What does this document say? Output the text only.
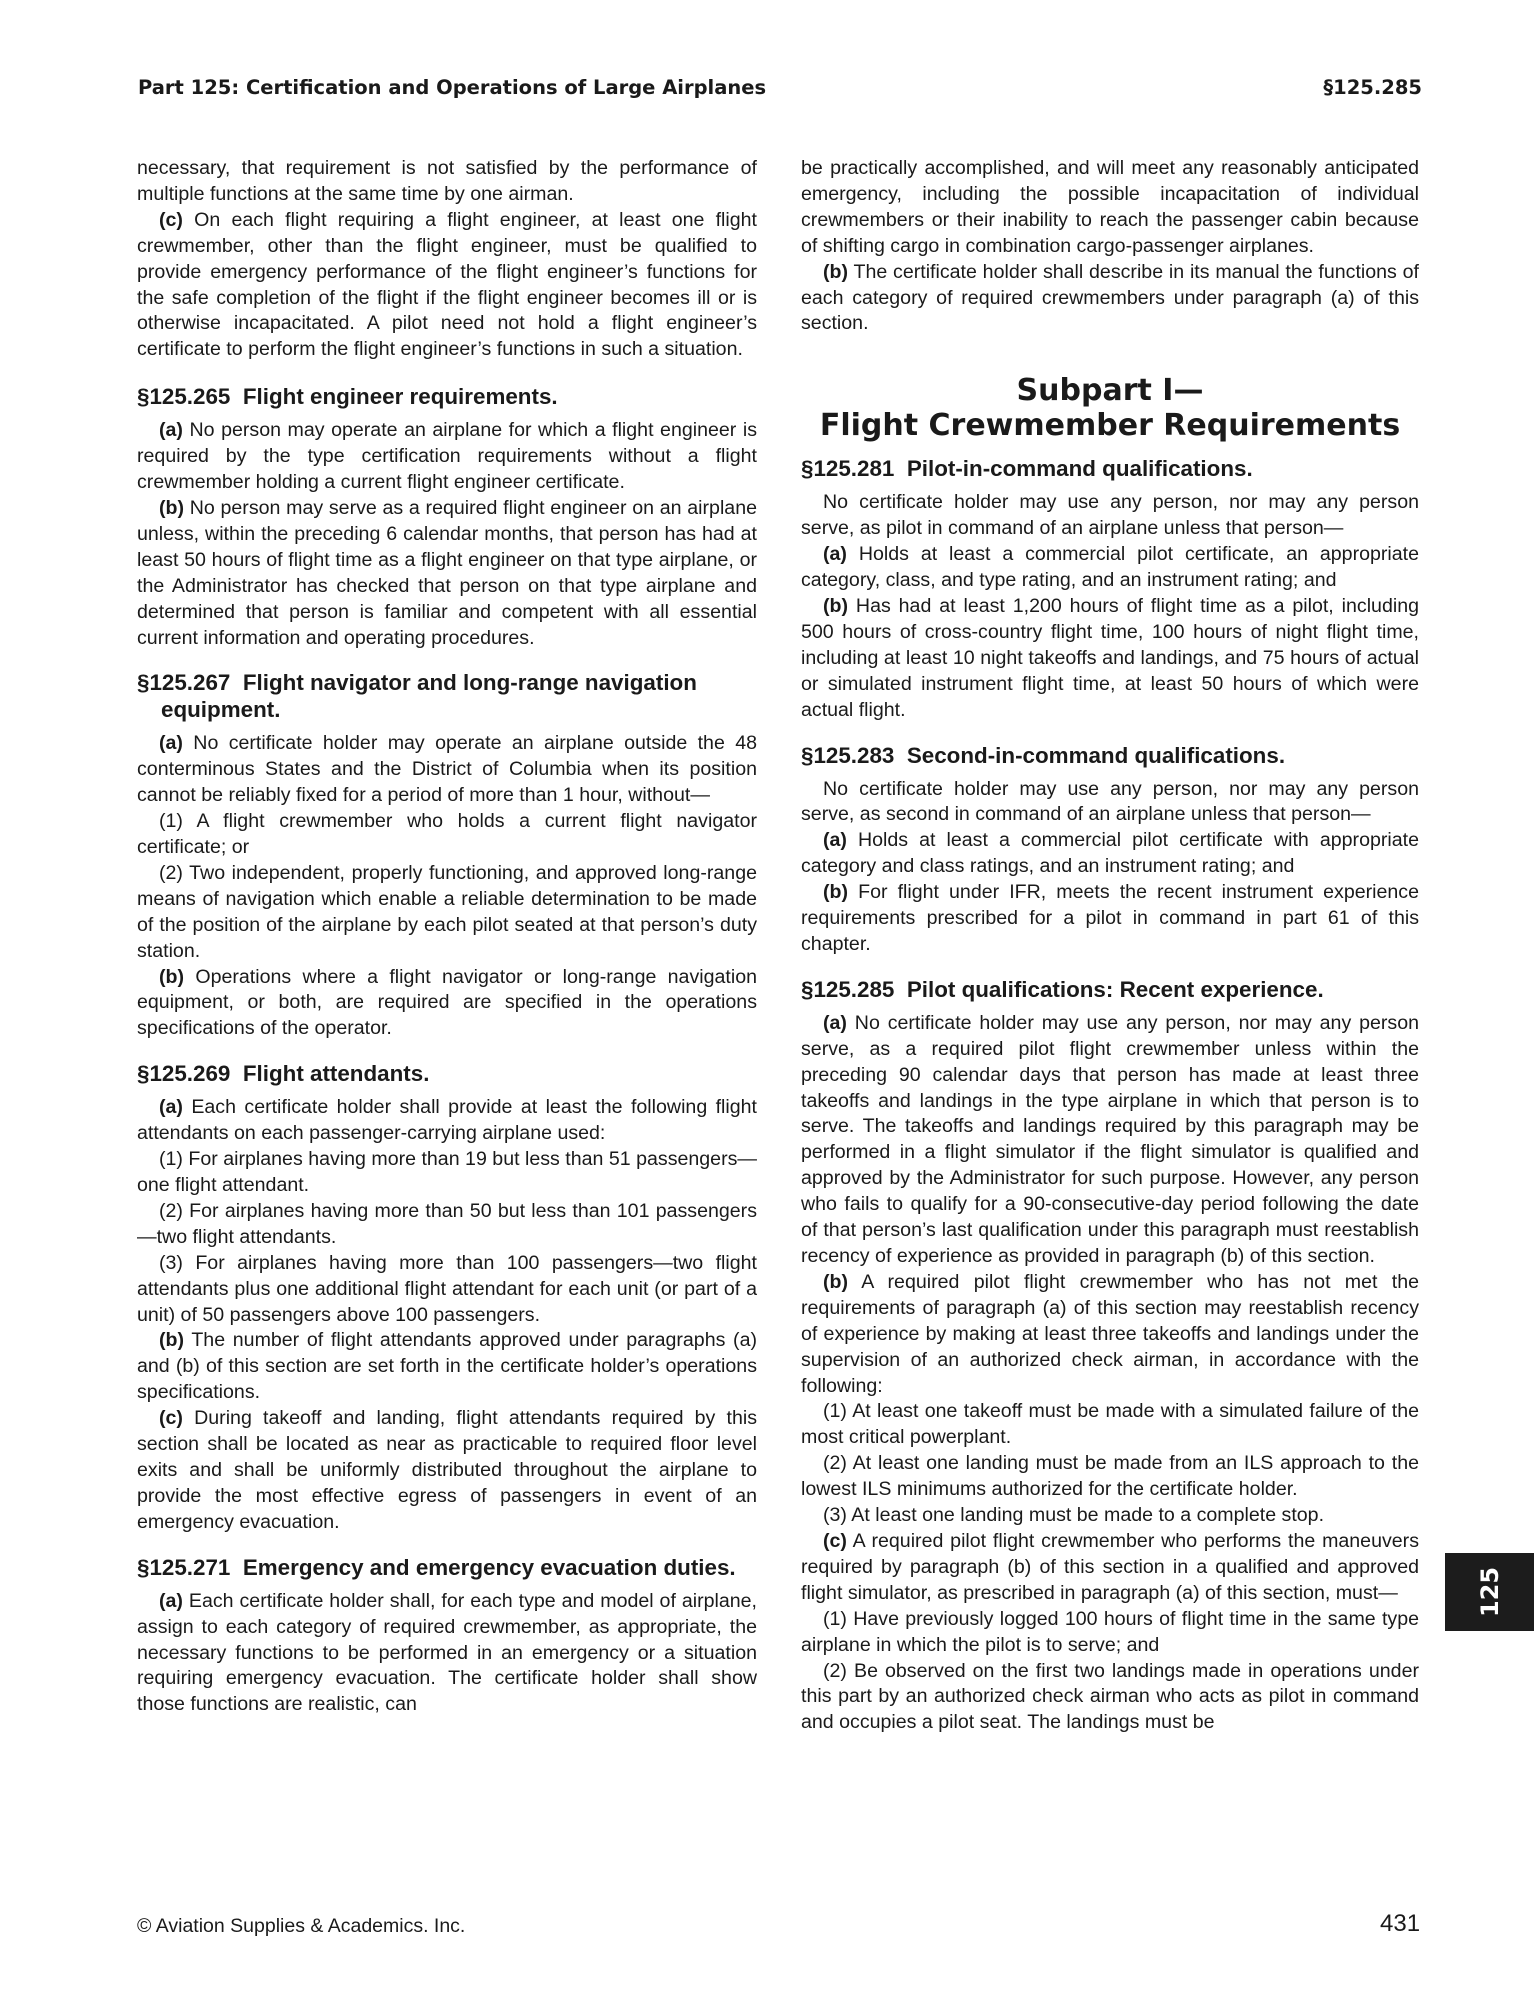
Part 125: Certification and Operations of Large Airplanes	§125.285

necessary, that requirement is not satisfied by the performance of multiple functions at the same time by one airman.

(c) On each flight requiring a flight engineer, at least one flight crewmember, other than the flight engineer, must be qualified to provide emergency performance of the flight engineer’s functions for the safe completion of the flight if the flight engineer becomes ill or is otherwise incapacitated. A pilot need not hold a flight engineer’s certificate to perform the flight engineer’s functions in such a situation.

§125.265 Flight engineer requirements.

(a) No person may operate an airplane for which a flight engineer is required by the type certification requirements without a flight crewmember holding a current flight engineer certificate.

(b) No person may serve as a required flight engineer on an airplane unless, within the preceding 6 calendar months, that person has had at least 50 hours of flight time as a flight engineer on that type airplane, or the Administrator has checked that person on that type airplane and determined that person is familiar and competent with all essential current information and operating procedures.

§125.267 Flight navigator and long-range navigation equipment.

(a) No certificate holder may operate an airplane outside the 48 conterminous States and the District of Columbia when its position cannot be reliably fixed for a period of more than 1 hour, without—

(1) A flight crewmember who holds a current flight navigator certificate; or

(2) Two independent, properly functioning, and approved long-range means of navigation which enable a reliable determination to be made of the position of the airplane by each pilot seated at that person’s duty station.

(b) Operations where a flight navigator or long-range navigation equipment, or both, are required are specified in the operations specifications of the operator.

§125.269 Flight attendants.

(a) Each certificate holder shall provide at least the following flight attendants on each passenger-carrying airplane used:

(1) For airplanes having more than 19 but less than 51 passengers—one flight attendant.

(2) For airplanes having more than 50 but less than 101 passengers—two flight attendants.

(3) For airplanes having more than 100 passengers—two flight attendants plus one additional flight attendant for each unit (or part of a unit) of 50 passengers above 100 passengers.

(b) The number of flight attendants approved under paragraphs (a) and (b) of this section are set forth in the certificate holder’s operations specifications.

(c) During takeoff and landing, flight attendants required by this section shall be located as near as practicable to required floor level exits and shall be uniformly distributed throughout the airplane to provide the most effective egress of passengers in event of an emergency evacuation.

§125.271 Emergency and emergency evacuation duties.

(a) Each certificate holder shall, for each type and model of airplane, assign to each category of required crewmember, as appropriate, the necessary functions to be performed in an emergency or a situation requiring emergency evacuation. The certificate holder shall show those functions are realistic, can

be practically accomplished, and will meet any reasonably anticipated emergency, including the possible incapacitation of individual crewmembers or their inability to reach the passenger cabin because of shifting cargo in combination cargo-passenger airplanes.

(b) The certificate holder shall describe in its manual the functions of each category of required crewmembers under paragraph (a) of this section.

Subpart I—
Flight Crewmember Requirements
§125.281 Pilot-in-command qualifications.

No certificate holder may use any person, nor may any person serve, as pilot in command of an airplane unless that person—

(a) Holds at least a commercial pilot certificate, an appropriate category, class, and type rating, and an instrument rating; and

(b) Has had at least 1,200 hours of flight time as a pilot, including 500 hours of cross-country flight time, 100 hours of night flight time, including at least 10 night takeoffs and landings, and 75 hours of actual or simulated instrument flight time, at least 50 hours of which were actual flight.

§125.283 Second-in-command qualifications.

No certificate holder may use any person, nor may any person serve, as second in command of an airplane unless that person—

(a) Holds at least a commercial pilot certificate with appropriate category and class ratings, and an instrument rating; and

(b) For flight under IFR, meets the recent instrument experience requirements prescribed for a pilot in command in part 61 of this chapter.

§125.285 Pilot qualifications: Recent experience.

(a) No certificate holder may use any person, nor may any person serve, as a required pilot flight crewmember unless within the preceding 90 calendar days that person has made at least three takeoffs and landings in the type airplane in which that person is to serve. The takeoffs and landings required by this paragraph may be performed in a flight simulator if the flight simulator is qualified and approved by the Administrator for such purpose. However, any person who fails to qualify for a 90-consecutive-day period following the date of that person’s last qualification under this paragraph must reestablish recency of experience as provided in paragraph (b) of this section.

(b) A required pilot flight crewmember who has not met the requirements of paragraph (a) of this section may reestablish recency of experience by making at least three takeoffs and landings under the supervision of an authorized check airman, in accordance with the following:

(1) At least one takeoff must be made with a simulated failure of the most critical powerplant.

(2) At least one landing must be made from an ILS approach to the lowest ILS minimums authorized for the certificate holder.

(3) At least one landing must be made to a complete stop.

(c) A required pilot flight crewmember who performs the maneuvers required by paragraph (b) of this section in a qualified and approved flight simulator, as prescribed in paragraph (a) of this section, must—

(1) Have previously logged 100 hours of flight time in the same type airplane in which the pilot is to serve; and

(2) Be observed on the first two landings made in operations under this part by an authorized check airman who acts as pilot in command and occupies a pilot seat. The landings must be

125
© Aviation Supplies & Academics. Inc.	431
